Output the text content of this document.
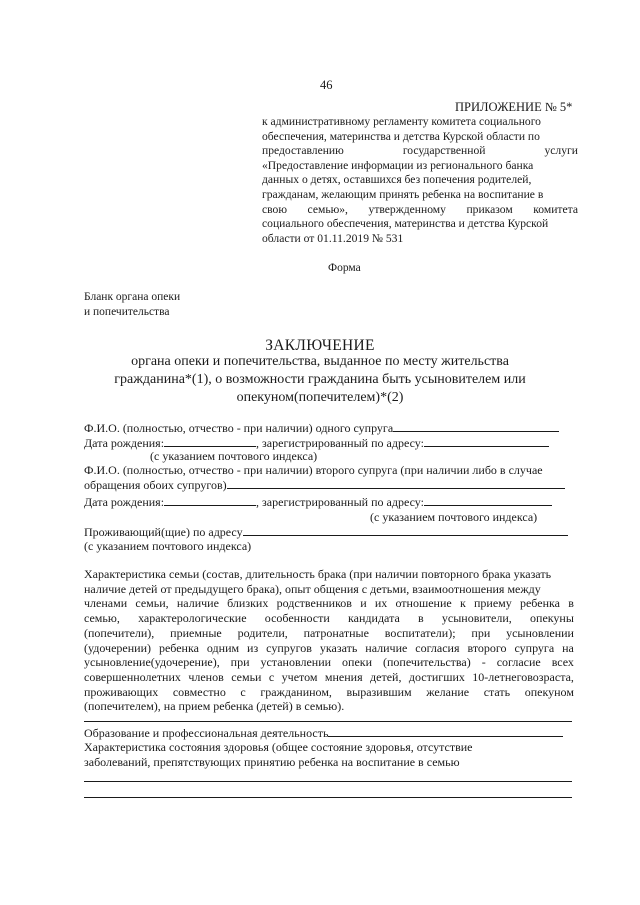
46
ПРИЛОЖЕНИЕ № 5*
к административному регламенту комитета социального
обеспечения, материнства и детства Курской области по
предоставлению	государственной	услуги
«Предоставление информации из регионального банка
данных о детях, оставшихся без попечения родителей,
гражданам, желающим принять ребенка на воспитание в
свою семью», утвержденному приказом комитета
социального обеспечения, материнства и детства Курской
области от 01.11.2019 № 531
Форма
Бланк органа опеки
и попечительства
ЗАКЛЮЧЕНИЕ
органа опеки и попечительства, выданное по месту жительства
гражданина*(1), о возможности гражданина быть усыновителем или
опекуном(попечителем)*(2)
Ф.И.О. (полностью, отчество - при наличии) одного супруга
Дата рождения:	, зарегистрированный по адресу:
(с указанием почтового индекса)
Ф.И.О. (полностью, отчество - при наличии) второго супруга (при наличии либо в случае
обращения обоих супругов)
Дата рождения:	, зарегистрированный по адресу:
(с указанием почтового индекса)
Проживающий(щие) по адресу
(с указанием почтового индекса)
Характеристика семьи (состав, длительность брака (при наличии повторного брака указать
наличие детей от предыдущего брака), опыт общения с детьми, взаимоотношения между
членами семьи, наличие близких родственников и их отношение к приему ребенка в
семью, характерологические особенности кандидата в усыновители, опекуны
(попечители), приемные родители, патронатные воспитатели); при усыновлении
(удочерении) ребенка одним из супругов указать наличие согласия второго супруга на
усыновление(удочерение), при установлении опеки (попечительства) - согласие всех
совершеннолетних членов семьи с учетом мнения детей, достигших 10-летнеговозраста,
проживающих совместно с гражданином, выразившим желание стать опекуном
(попечителем), на прием ребенка (детей) в семью).
Образование и профессиональная деятельность
Характеристика состояния здоровья (общее состояние здоровья, отсутствие
заболеваний, препятствующих принятию ребенка на воспитание в семью
